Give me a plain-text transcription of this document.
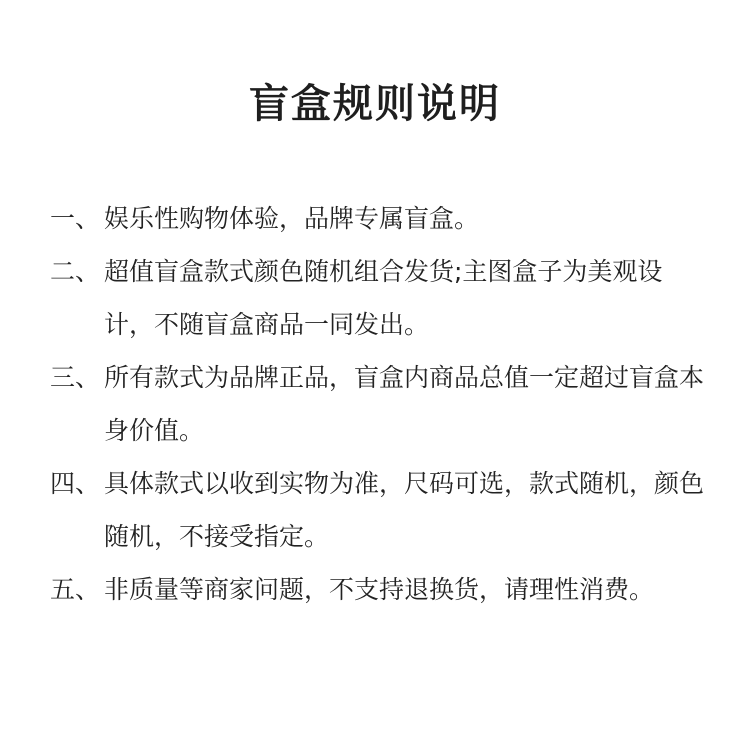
盲盒规则说明
一、 娱乐性购物体验，品牌专属盲盒。
二、 超值盲盒款式颜色随机组合发货;主图盒子为美观设计，不随盲盒商品一同发出。
三、 所有款式为品牌正品，盲盒内商品总值一定超过盲盒本身价值。
四、 具体款式以收到实物为准，尺码可选，款式随机，颜色随机，不接受指定。
五、 非质量等商家问题，不支持退换货，请理性消费。
